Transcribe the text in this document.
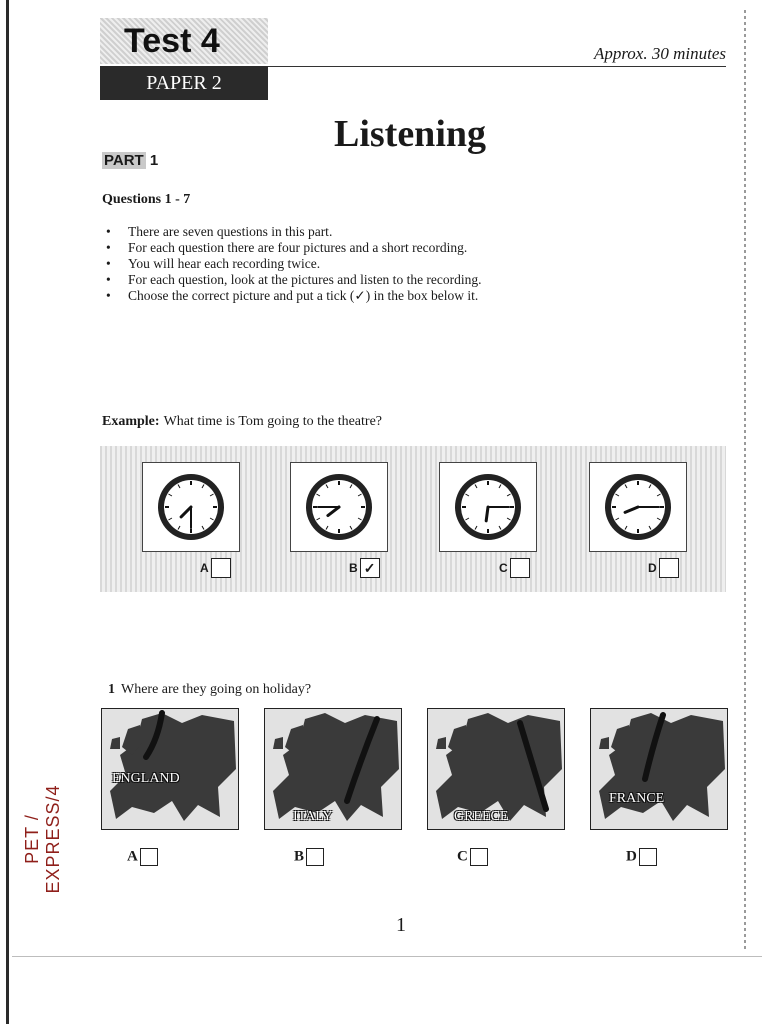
Test 4
PAPER 2
Approx. 30 minutes
Listening
PART 1
Questions 1 - 7
• There are seven questions in this part.
• For each question there are four pictures and a short recording.
• You will hear each recording twice.
• For each question, look at the pictures and listen to the recording.
• Choose the correct picture and put a tick (✓) in the box below it.
Example: What time is Tom going to the theatre?
A	B ✓	C	D
1 Where are they going on holiday?
ENGLAND
ITALY	GREECE
FRANCE
A	B	C	D
1
PET / EXPRESS/4
